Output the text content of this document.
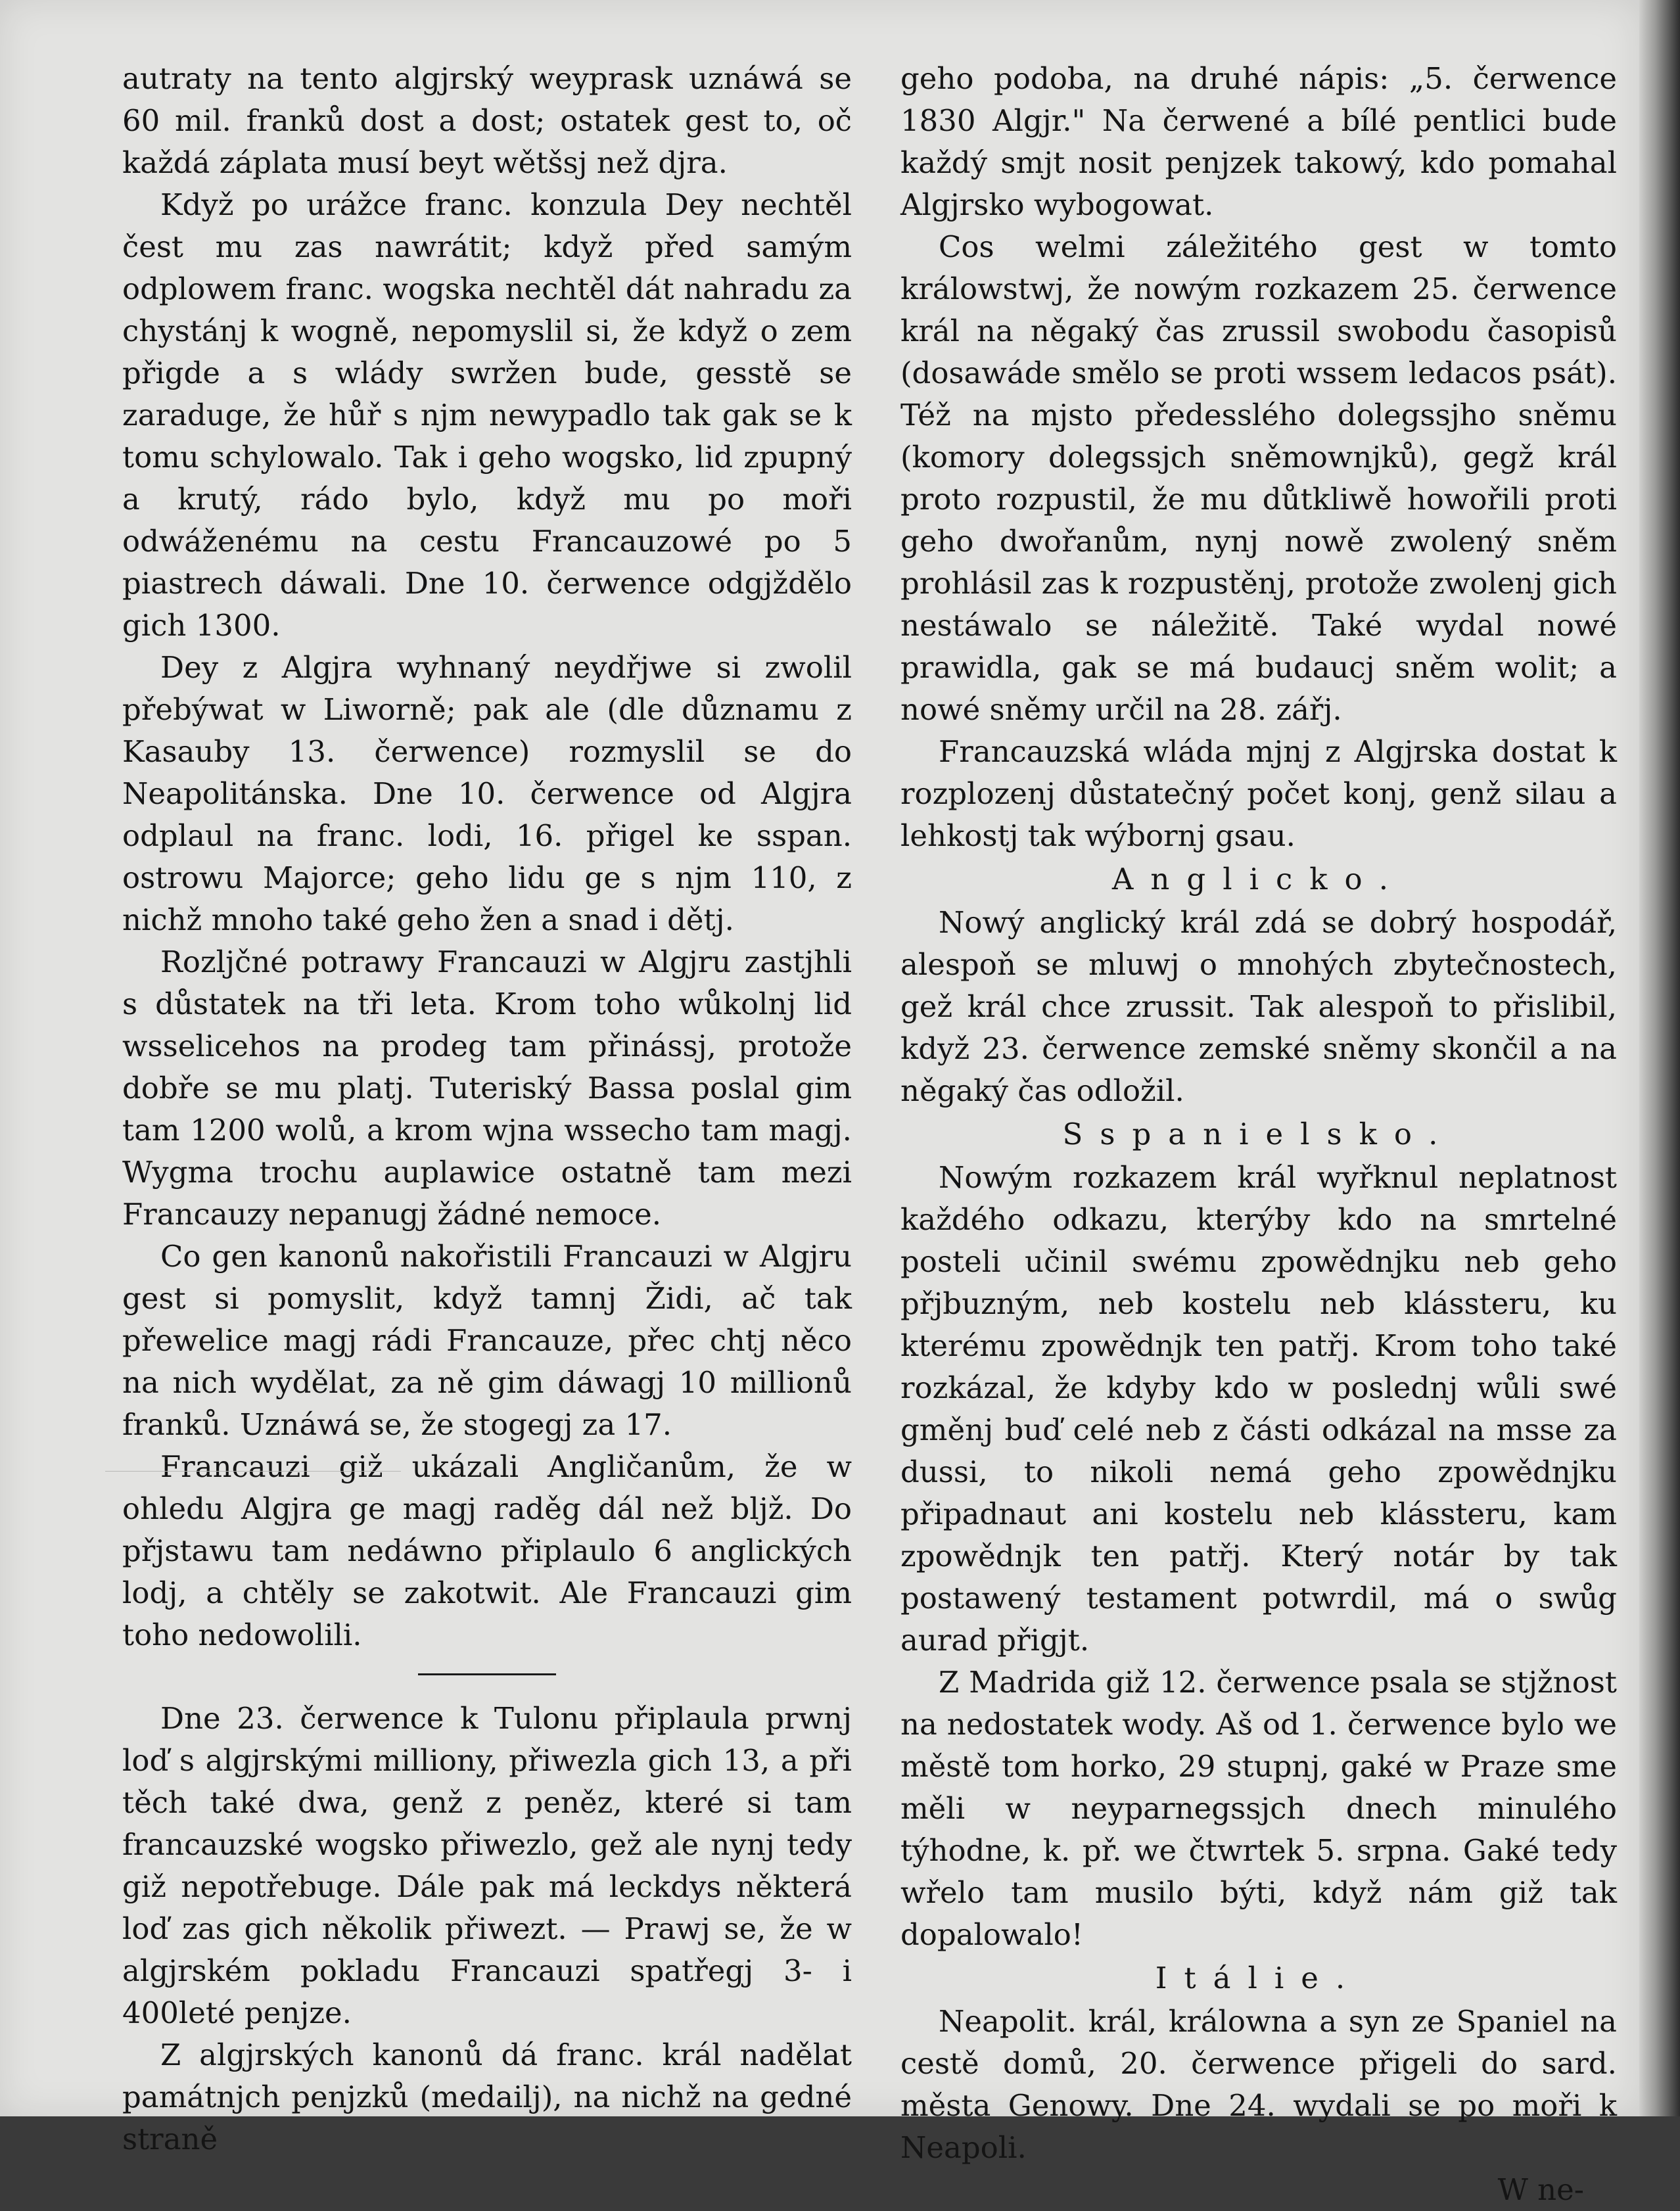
autraty na tento algjrský weyprask uznáwá se 60 mil. franků dost a dost; ostatek gest to, oč každá záplata musí beyt wětšsj než djra.

Když po urážce franc. konzula Dey nechtěl čest mu zas nawrátit; když před samým odplowem franc. wogska nechtěl dát nahradu za chystánj k wogně, nepomyslil si, že když o zem přigde a s wlády swržen bude, gesstě se zaraduge, že hůř s njm newypadlo tak gak se k tomu schylowalo. Tak i geho wogsko, lid zpupný a krutý, rádo bylo, když mu po moři odwáženému na cestu Francauzowé po 5 piastrech dáwali. Dne 10. čerwence odgjždělo gich 1300.

Dey z Algjra wyhnaný neydřjwe si zwolil přebýwat w Liworně; pak ale (dle důznamu z Kasauby 13. čerwence) rozmyslil se do Neapolitánska. Dne 10. čerwence od Algjra odplaul na franc. lodi, 16. přigel ke sspan. ostrowu Majorce; geho lidu ge s njm 110, z nichž mnoho také geho žen a snad i dětj.

Rozljčné potrawy Francauzi w Algjru zastjhli s důstatek na tři leta. Krom toho wůkolnj lid wsselicehos na prodeg tam přinássj, protože dobře se mu platj. Tuteriský Bassa poslal gim tam 1200 wolů, a krom wjna wssecho tam magj. Wygma trochu auplawice ostatně tam mezi Francauzy nepanugj žádné nemoce.

Co gen kanonů nakořistili Francauzi w Algjru gest si pomyslit, když tamnj Židi, ač tak přewelice magj rádi Francauze, přec chtj něco na nich wydělat, za ně gim dáwagj 10 millionů franků. Uznáwá se, že stogegj za 17.

Francauzi giž ukázali Angličanům, že w ohledu Algjra ge magj raděg dál než bljž. Do přjstawu tam nedáwno připlaulo 6 anglických lodj, a chtěly se zakotwit. Ale Francauzi gim toho nedowolili.

Dne 23. čerwence k Tulonu připlaula prwnj loď s algjrskými milliony, přiwezla gich 13, a při těch také dwa, genž z peněz, které si tam francauzské wogsko přiwezlo, gež ale nynj tedy giž nepotřebuge. Dále pak má leckdys některá loď zas gich několik přiwezt. — Prawj se, že w algjrském pokladu Francauzi spatřegj 3- i 400leté penjze.

Z algjrských kanonů dá franc. král nadělat památnjch penjzků (medailj), na nichž na gedné straně

geho podoba, na druhé nápis: „5. čerwence 1830 Algjr." Na čerwené a bílé pentlici bude každý smjt nosit penjzek takowý, kdo pomahal Algjrsko wybogowat.

Cos welmi záležitého gest w tomto králowstwj, že nowým rozkazem 25. čerwence král na něgaký čas zrussil swobodu časopisů (dosawáde smělo se proti wssem ledacos psát). Též na mjsto předesslého dolegssjho sněmu (komory dolegssjch sněmownjků), gegž král proto rozpustil, že mu důtkliwě howořili proti geho dwořanům, nynj nowě zwolený sněm prohlásil zas k rozpustěnj, protože zwolenj gich nestáwalo se náležitě. Také wydal nowé prawidla, gak se má budaucj sněm wolit; a nowé sněmy určil na 28. zářj.

Francauzská wláda mjnj z Algjrska dostat k rozplozenj důstatečný počet konj, genž silau a lehkostj tak wýbornj gsau.

Anglicko.

Nowý anglický král zdá se dobrý hospodář, alespoň se mluwj o mnohých zbytečnostech, gež král chce zrussit. Tak alespoň to přislibil, když 23. čerwence zemské sněmy skončil a na něgaký čas odložil.

Sspanielsko.

Nowým rozkazem král wyřknul neplatnost každého odkazu, kterýby kdo na smrtelné posteli učinil swému zpowědnjku neb geho přjbuzným, neb kostelu neb klássteru, ku kterému zpowědnjk ten patřj. Krom toho také rozkázal, že kdyby kdo w poslednj wůli swé gměnj buď celé neb z části odkázal na msse za dussi, to nikoli nemá geho zpowědnjku připadnaut ani kostelu neb klássteru, kam zpowědnjk ten patřj. Který notár by tak postawený testament potwrdil, má o swůg aurad přigjt.

Z Madrida giž 12. čerwence psala se stjžnost na nedostatek wody. Aš od 1. čerwence bylo we městě tom horko, 29 stupnj, gaké w Praze sme měli w neyparnegssjch dnech minulého týhodne, k. př. we čtwrtek 5. srpna. Gaké tedy wřelo tam musilo býti, když nám giž tak dopalowalo!

Itálie.

Neapolit. král, králowna a syn ze Spaniel na cestě domů, 20. čerwence přigeli do sard. města Genowy. Dne 24. wydali se po moři k Neapoli.

W ne-
